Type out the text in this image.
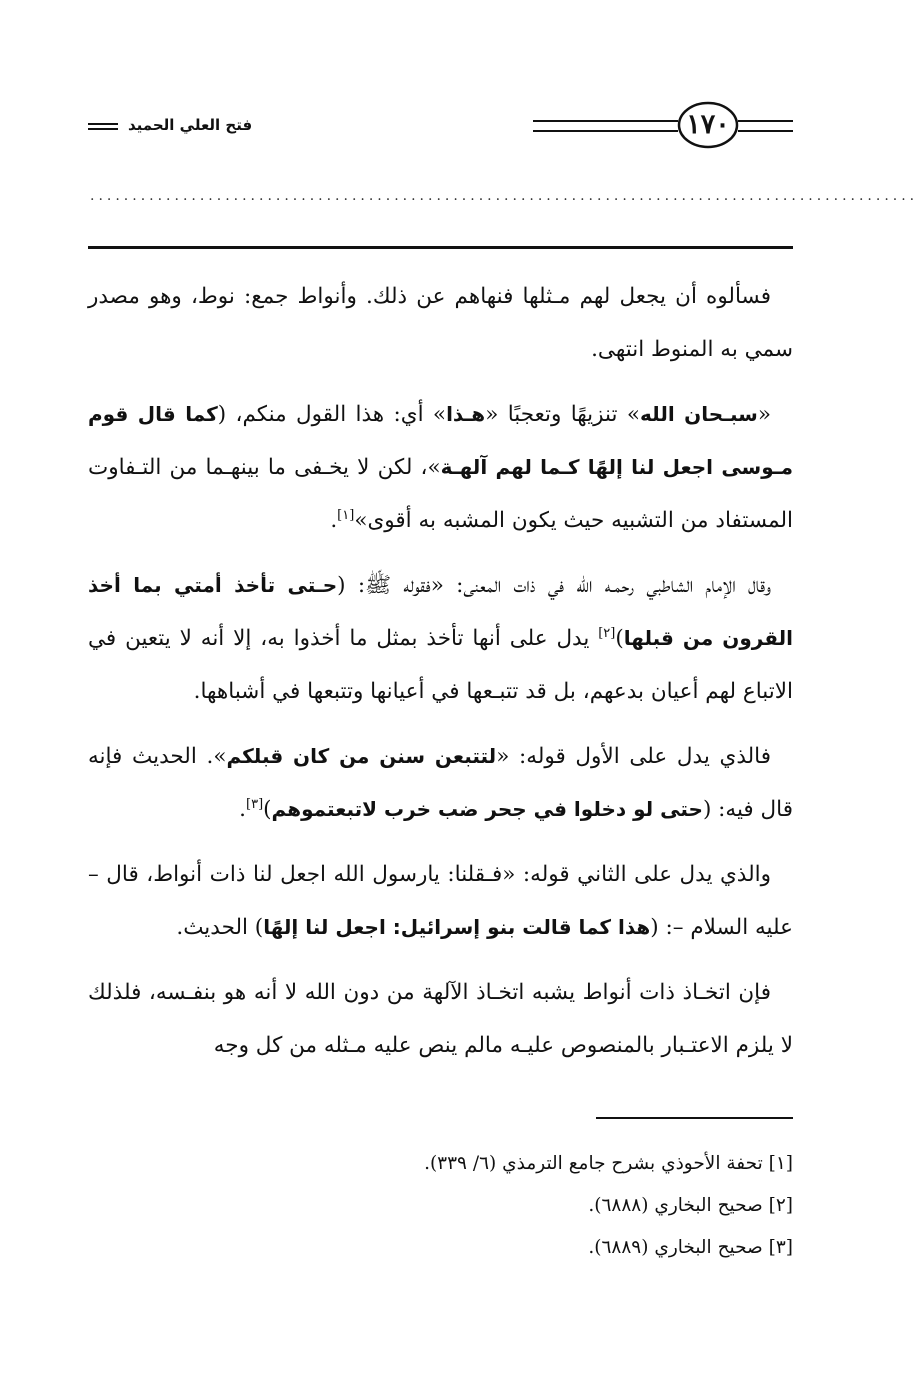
١٧٠
فتح العلي الحميد
..................................................................................................

فسألوه أن يجعل لهم مـثلها فنهاهم عن ذلك. وأنواط جمع: نوط، وهو مصدر سمي به المنوط انتهى.

«سبـحان الله» تنزيهًا وتعجبًا «هـذا» أي: هذا القول منكم، (كما قال قوم مـوسى اجعل لنا إلهًا كـما لهم آلهـة»، لكن لا يخـفى ما بينهـما من التـفاوت المستفاد من التشبيه حيث يكون المشبه به أقوى»[١].

وقال الإمام الشاطبي رحمـه الله في ذات المعنى: «فقوله ﷺ: (حـتى تأخذ أمتي بما أخذ القرون من قبلها)[٢] يدل على أنها تأخذ بمثل ما أخذوا به، إلا أنه لا يتعين في الاتباع لهم أعيان بدعهم، بل قد تتبـعها في أعيانها وتتبعها في أشباهها.

فالذي يدل على الأول قوله: «لتتبعن سنن من كان قبلكم». الحديث فإنه قال فيه: (حتى لو دخلوا في جحر ضب خرب لاتبعتموهم)[٣].

والذي يدل على الثاني قوله: «فـقلنا: يارسول الله اجعل لنا ذات أنواط، قال – عليه السلام –: (هذا كما قالت بنو إسرائيل: اجعل لنا إلهًا) الحديث.

فإن اتخـاذ ذات أنواط يشبه اتخـاذ الآلهة من دون الله لا أنه هو بنفـسه، فلذلك لا يلزم الاعتـبار بالمنصوص عليـه مالم ينص عليه مـثله من كل وجه

[١] تحفة الأحوذي بشرح جامع الترمذي (٦/ ٣٣٩).
[٢] صحيح البخاري (٦٨٨٨).
[٣] صحيح البخاري (٦٨٨٩).
